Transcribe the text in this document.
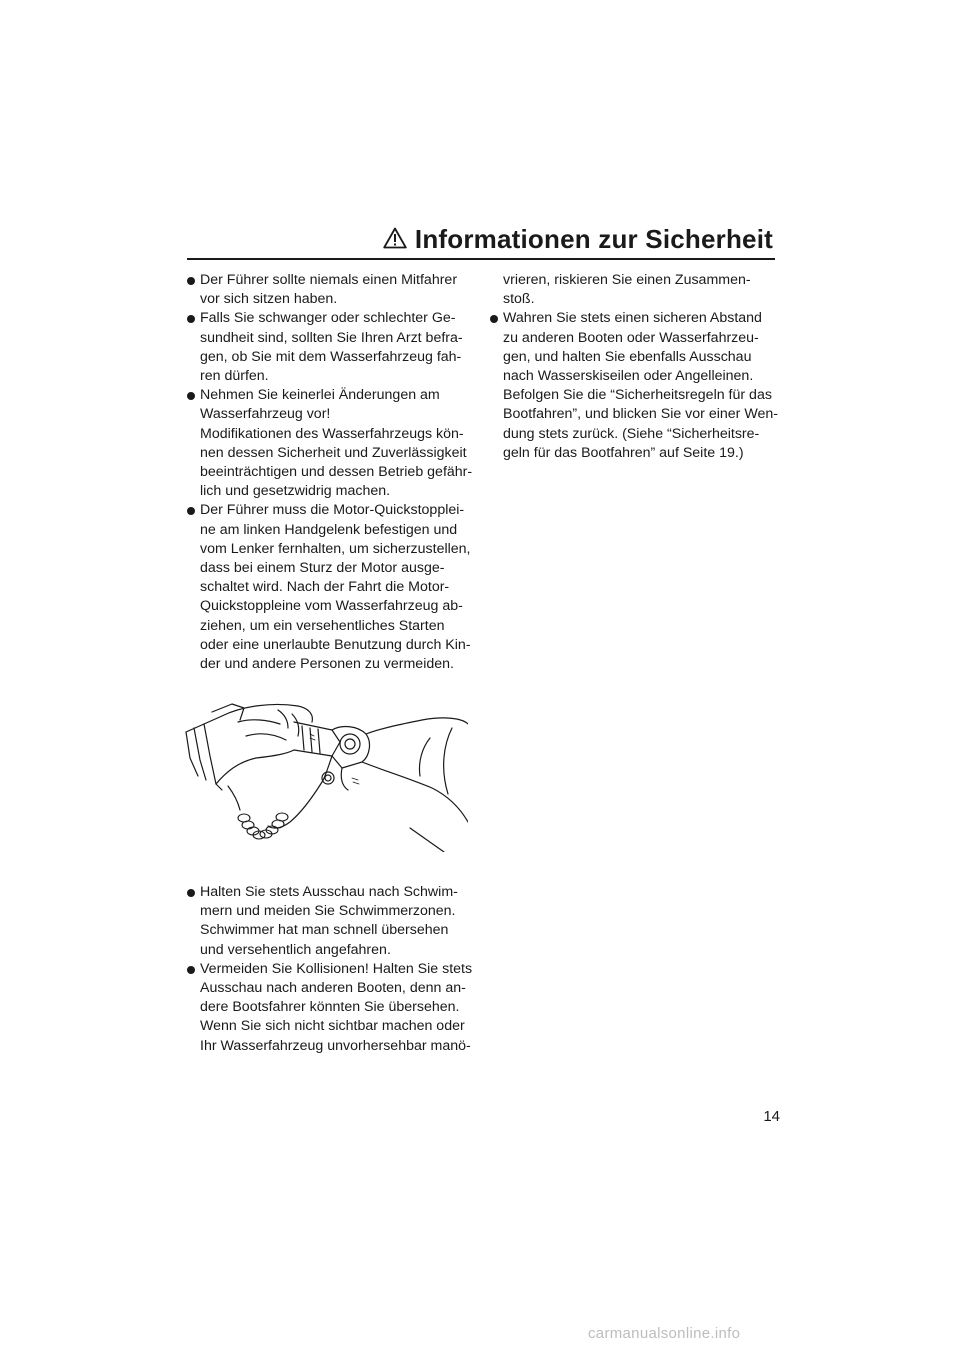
Informationen zur Sicherheit
Der Führer sollte niemals einen Mitfahrer
vor sich sitzen haben.
Falls Sie schwanger oder schlechter Ge-
sundheit sind, sollten Sie Ihren Arzt befra-
gen, ob Sie mit dem Wasserfahrzeug fah-
ren dürfen.
Nehmen Sie keinerlei Änderungen am
Wasserfahrzeug vor!
Modifikationen des Wasserfahrzeugs kön-
nen dessen Sicherheit und Zuverlässigkeit
beeinträchtigen und dessen Betrieb gefähr-
lich und gesetzwidrig machen.
Der Führer muss die Motor-Quickstopplei-
ne am linken Handgelenk befestigen und
vom Lenker fernhalten, um sicherzustellen,
dass bei einem Sturz der Motor ausge-
schaltet wird. Nach der Fahrt die Motor-
Quickstoppleine vom Wasserfahrzeug ab-
ziehen, um ein versehentliches Starten
oder eine unerlaubte Benutzung durch Kin-
der und andere Personen zu vermeiden.
Halten Sie stets Ausschau nach Schwim-
mern und meiden Sie Schwimmerzonen.
Schwimmer hat man schnell übersehen
und versehentlich angefahren.
Vermeiden Sie Kollisionen! Halten Sie stets
Ausschau nach anderen Booten, denn an-
dere Bootsfahrer könnten Sie übersehen.
Wenn Sie sich nicht sichtbar machen oder
Ihr Wasserfahrzeug unvorhersehbar manö-
vrieren, riskieren Sie einen Zusammen-
stoß.
Wahren Sie stets einen sicheren Abstand
zu anderen Booten oder Wasserfahrzeu-
gen, und halten Sie ebenfalls Ausschau
nach Wasserskiseilen oder Angelleinen.
Befolgen Sie die “Sicherheitsregeln für das
Bootfahren”, und blicken Sie vor einer Wen-
dung stets zurück. (Siehe “Sicherheitsre-
geln für das Bootfahren” auf Seite 19.)
14
carmanualsonline.info
